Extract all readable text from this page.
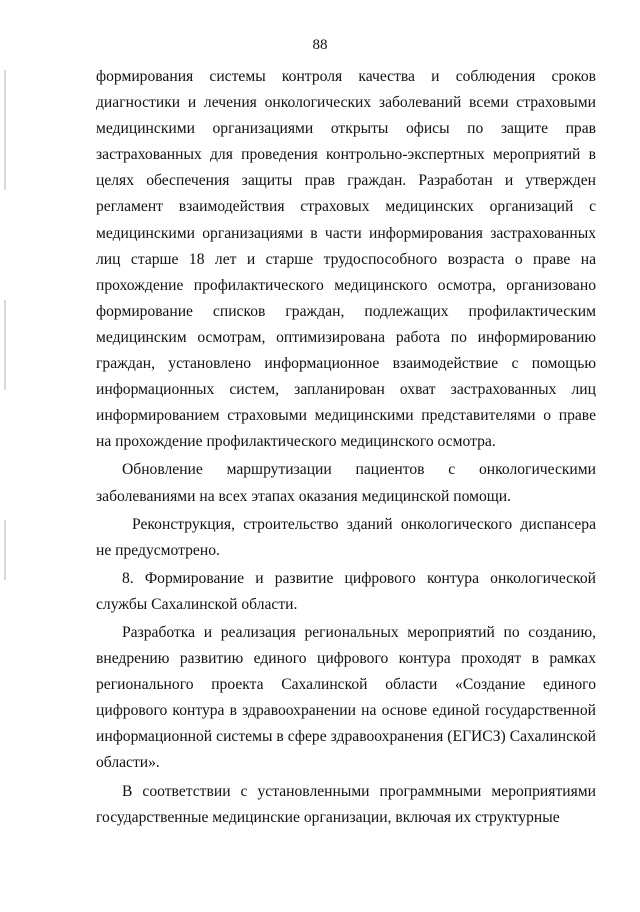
88

формирования системы контроля качества и соблюдения сроков диагностики и лечения онкологических заболеваний всеми страховыми медицинскими организациями открыты офисы по защите прав застрахованных для проведения контрольно-экспертных мероприятий в целях обеспечения защиты прав граждан. Разработан и утвержден регламент взаимодействия страховых медицинских организаций с медицинскими организациями в части информирования застрахованных лиц старше 18 лет и старше трудоспособного возраста о праве на прохождение профилактического медицинского осмотра, организовано формирование списков граждан, подлежащих профилактическим медицинским осмотрам, оптимизирована работа по информированию граждан, установлено информационное взаимодействие с помощью информационных систем, запланирован охват застрахованных лиц информированием страховыми медицинскими представителями о праве на прохождение профилактического медицинского осмотра.

Обновление маршрутизации пациентов с онкологическими заболеваниями на всех этапах оказания медицинской помощи.

Реконструкция, строительство зданий онкологического диспансера не предусмотрено.

8. Формирование и развитие цифрового контура онкологической службы Сахалинской области.

Разработка и реализация региональных мероприятий по созданию, внедрению развитию единого цифрового контура проходят в рамках регионального проекта Сахалинской области «Создание единого цифрового контура в здравоохранении на основе единой государственной информационной системы в сфере здравоохранения (ЕГИСЗ) Сахалинской области».

В соответствии с установленными программными мероприятиями государственные медицинские организации, включая их структурные
